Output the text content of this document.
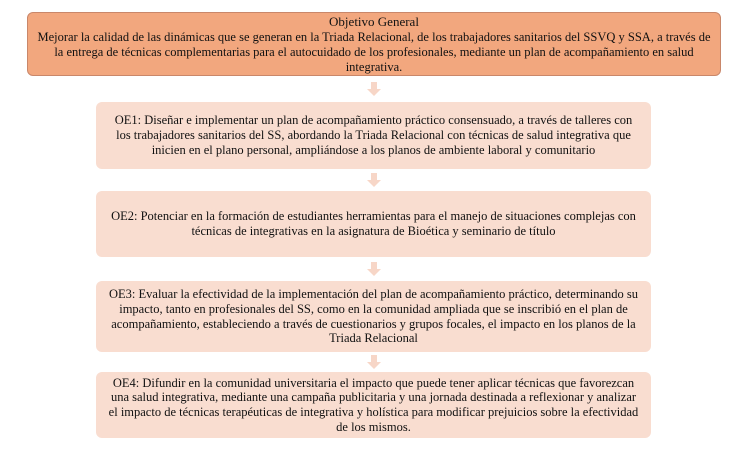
Objetivo General
Mejorar la calidad de las dinámicas que se generan en la Triada Relacional, de los trabajadores sanitarios del SSVQ y SSA, a través de la entrega de técnicas complementarias para el autocuidado de los profesionales, mediante un plan de acompañamiento en salud integrativa.
OE1: Diseñar e implementar un plan de acompañamiento práctico consensuado, a través de talleres con los trabajadores sanitarios del SS, abordando la Triada Relacional con técnicas de salud integrativa que inicien en el plano personal, ampliándose a los planos de ambiente laboral y comunitario
OE2: Potenciar en la formación de estudiantes herramientas para el manejo de situaciones complejas con técnicas de integrativas en la asignatura de Bioética y seminario de título
OE3: Evaluar la efectividad de la implementación del plan de acompañamiento práctico, determinando su impacto, tanto en profesionales del SS, como en la comunidad ampliada que se inscribió en el plan de acompañamiento, estableciendo a través de cuestionarios y grupos focales, el impacto en los planos de la Triada Relacional
OE4: Difundir en la comunidad universitaria el impacto que puede tener aplicar técnicas que favorezcan una salud integrativa, mediante una campaña publicitaria y una jornada destinada a reflexionar y analizar el impacto de técnicas terapéuticas de integrativa y holística para modificar prejuicios sobre la efectividad de los mismos.
